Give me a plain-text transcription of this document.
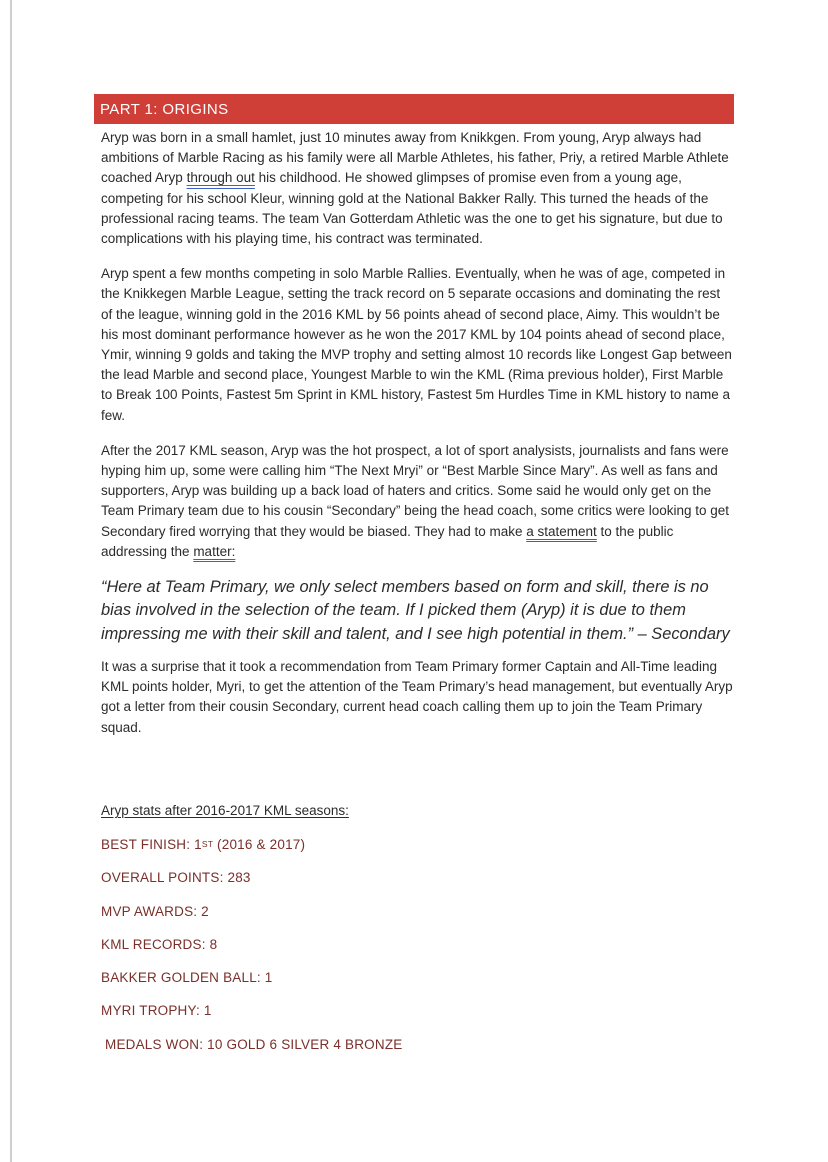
PART 1: ORIGINS

Aryp was born in a small hamlet, just 10 minutes away from Knikkgen. From young, Aryp always had ambitions of Marble Racing as his family were all Marble Athletes, his father, Priy, a retired Marble Athlete coached Aryp through out his childhood. He showed glimpses of promise even from a young age, competing for his school Kleur, winning gold at the National Bakker Rally. This turned the heads of the professional racing teams. The team Van Gotterdam Athletic was the one to get his signature, but due to complications with his playing time, his contract was terminated.

Aryp spent a few months competing in solo Marble Rallies. Eventually, when he was of age, competed in the Knikkegen Marble League, setting the track record on 5 separate occasions and dominating the rest of the league, winning gold in the 2016 KML by 56 points ahead of second place, Aimy. This wouldn’t be his most dominant performance however as he won the 2017 KML by 104 points ahead of second place, Ymir, winning 9 golds and taking the MVP trophy and setting almost 10 records like Longest Gap between the lead Marble and second place, Youngest Marble to win the KML (Rima previous holder), First Marble to Break 100 Points, Fastest 5m Sprint in KML history, Fastest 5m Hurdles Time in KML history to name a few.

After the 2017 KML season, Aryp was the hot prospect, a lot of sport analysists, journalists and fans were hyping him up, some were calling him “The Next Mryi” or “Best Marble Since Mary”. As well as fans and supporters, Aryp was building up a back load of haters and critics. Some said he would only get on the Team Primary team due to his cousin “Secondary” being the head coach, some critics were looking to get Secondary fired worrying that they would be biased. They had to make a statement to the public addressing the matter:

“Here at Team Primary, we only select members based on form and skill, there is no bias involved in the selection of the team. If I picked them (Aryp) it is due to them impressing me with their skill and talent, and I see high potential in them.” – Secondary

It was a surprise that it took a recommendation from Team Primary former Captain and All-Time leading KML points holder, Myri, to get the attention of the Team Primary’s head management, but eventually Aryp got a letter from their cousin Secondary, current head coach calling them up to join the Team Primary squad.

Aryp stats after 2016-2017 KML seasons:
BEST FINISH: 1ST (2016 & 2017)
OVERALL POINTS: 283
MVP AWARDS: 2
KML RECORDS: 8
BAKKER GOLDEN BALL: 1
MYRI TROPHY: 1
MEDALS WON: 10 GOLD 6 SILVER 4 BRONZE
